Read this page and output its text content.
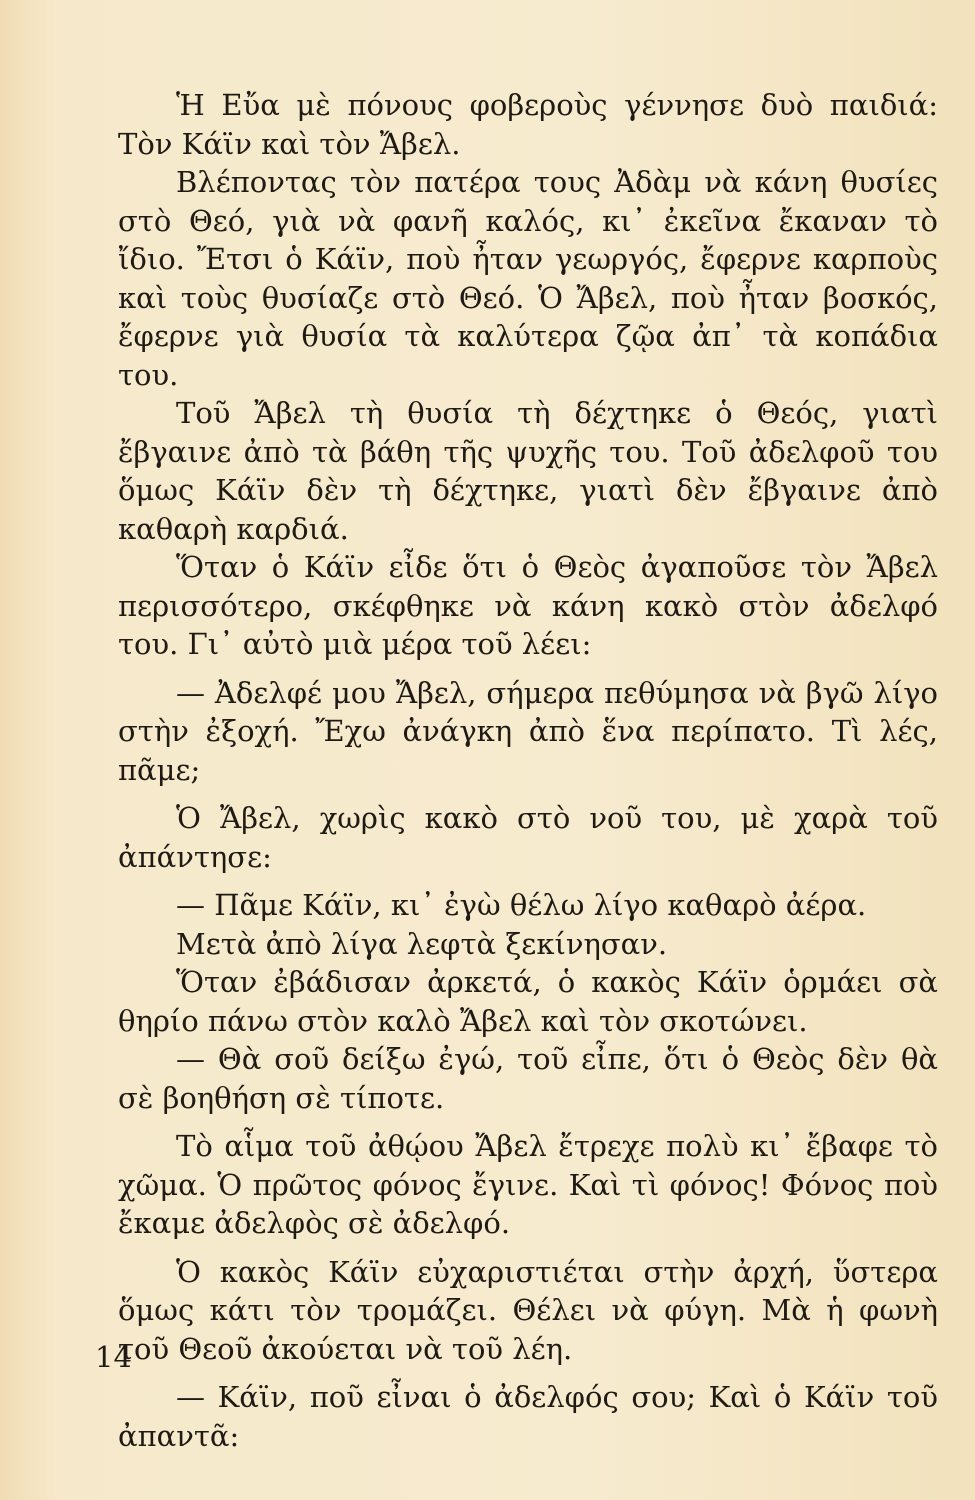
Ἡ Εὔα μὲ πόνους φοβεροὺς γέννησε δυὸ παιδιά: Τὸν Κάϊν καὶ τὸν Ἄβελ.

Βλέποντας τὸν πατέρα τους Ἀδὰμ νὰ κάνη θυσίες στὸ Θεό, γιὰ νὰ φανῆ καλός, κι᾿ ἐκεῖνα ἔκαναν τὸ ἴδιο. Ἔτσι ὁ Κάϊν, ποὺ ἦταν γεωργός, ἔφερνε καρποὺς καὶ τοὺς θυσίαζε στὸ Θεό. Ὁ Ἄβελ, ποὺ ἦταν βοσκός, ἔφερνε γιὰ θυσία τὰ καλύτερα ζῷα ἀπ᾿ τὰ κοπάδια του.

Τοῦ Ἄβελ τὴ θυσία τὴ δέχτηκε ὁ Θεός, γιατὶ ἔβγαινε ἀπὸ τὰ βάθη τῆς ψυχῆς του. Τοῦ ἀδελφοῦ του ὅμως Κάϊν δὲν τὴ δέχτηκε, γιατὶ δὲν ἔβγαινε ἀπὸ καθαρὴ καρδιά.

Ὅταν ὁ Κάϊν εἶδε ὅτι ὁ Θεὸς ἀγαποῦσε τὸν Ἄβελ περισσότερο, σκέφθηκε νὰ κάνη κακὸ στὸν ἀδελφό του. Γι᾿ αὐτὸ μιὰ μέρα τοῦ λέει:

— Ἀδελφέ μου Ἄβελ, σήμερα πεθύμησα νὰ βγῶ λίγο στὴν ἐξοχή. Ἔχω ἀνάγκη ἀπὸ ἕνα περίπατο. Τὶ λές, πᾶμε;

Ὁ Ἄβελ, χωρὶς κακὸ στὸ νοῦ του, μὲ χαρὰ τοῦ ἀπάντησε:

— Πᾶμε Κάϊν, κι᾿ ἐγὼ θέλω λίγο καθαρὸ ἀέρα.

Μετὰ ἀπὸ λίγα λεφτὰ ξεκίνησαν.

Ὅταν ἐβάδισαν ἀρκετά, ὁ κακὸς Κάϊν ὁρμάει σὰ θηρίο πάνω στὸν καλὸ Ἄβελ καὶ τὸν σκοτώνει.

— Θὰ σοῦ δείξω ἐγώ, τοῦ εἶπε, ὅτι ὁ Θεὸς δὲν θὰ σὲ βοηθήση σὲ τίποτε.

Τὸ αἷμα τοῦ ἀθῴου Ἄβελ ἔτρεχε πολὺ κι᾿ ἔβαφε τὸ χῶμα. Ὁ πρῶτος φόνος ἔγινε. Καὶ τὶ φόνος! Φόνος ποὺ ἔκαμε ἀδελφὸς σὲ ἀδελφό.

Ὁ κακὸς Κάϊν εὐχαριστιέται στὴν ἀρχή, ὕστερα ὅμως κάτι τὸν τρομάζει. Θέλει νὰ φύγη. Μὰ ἡ φωνὴ τοῦ Θεοῦ ἀκούεται νὰ τοῦ λέη.

— Κάϊν, ποῦ εἶναι ὁ ἀδελφός σου; Καὶ ὁ Κάϊν τοῦ ἀπαντᾶ:

14
